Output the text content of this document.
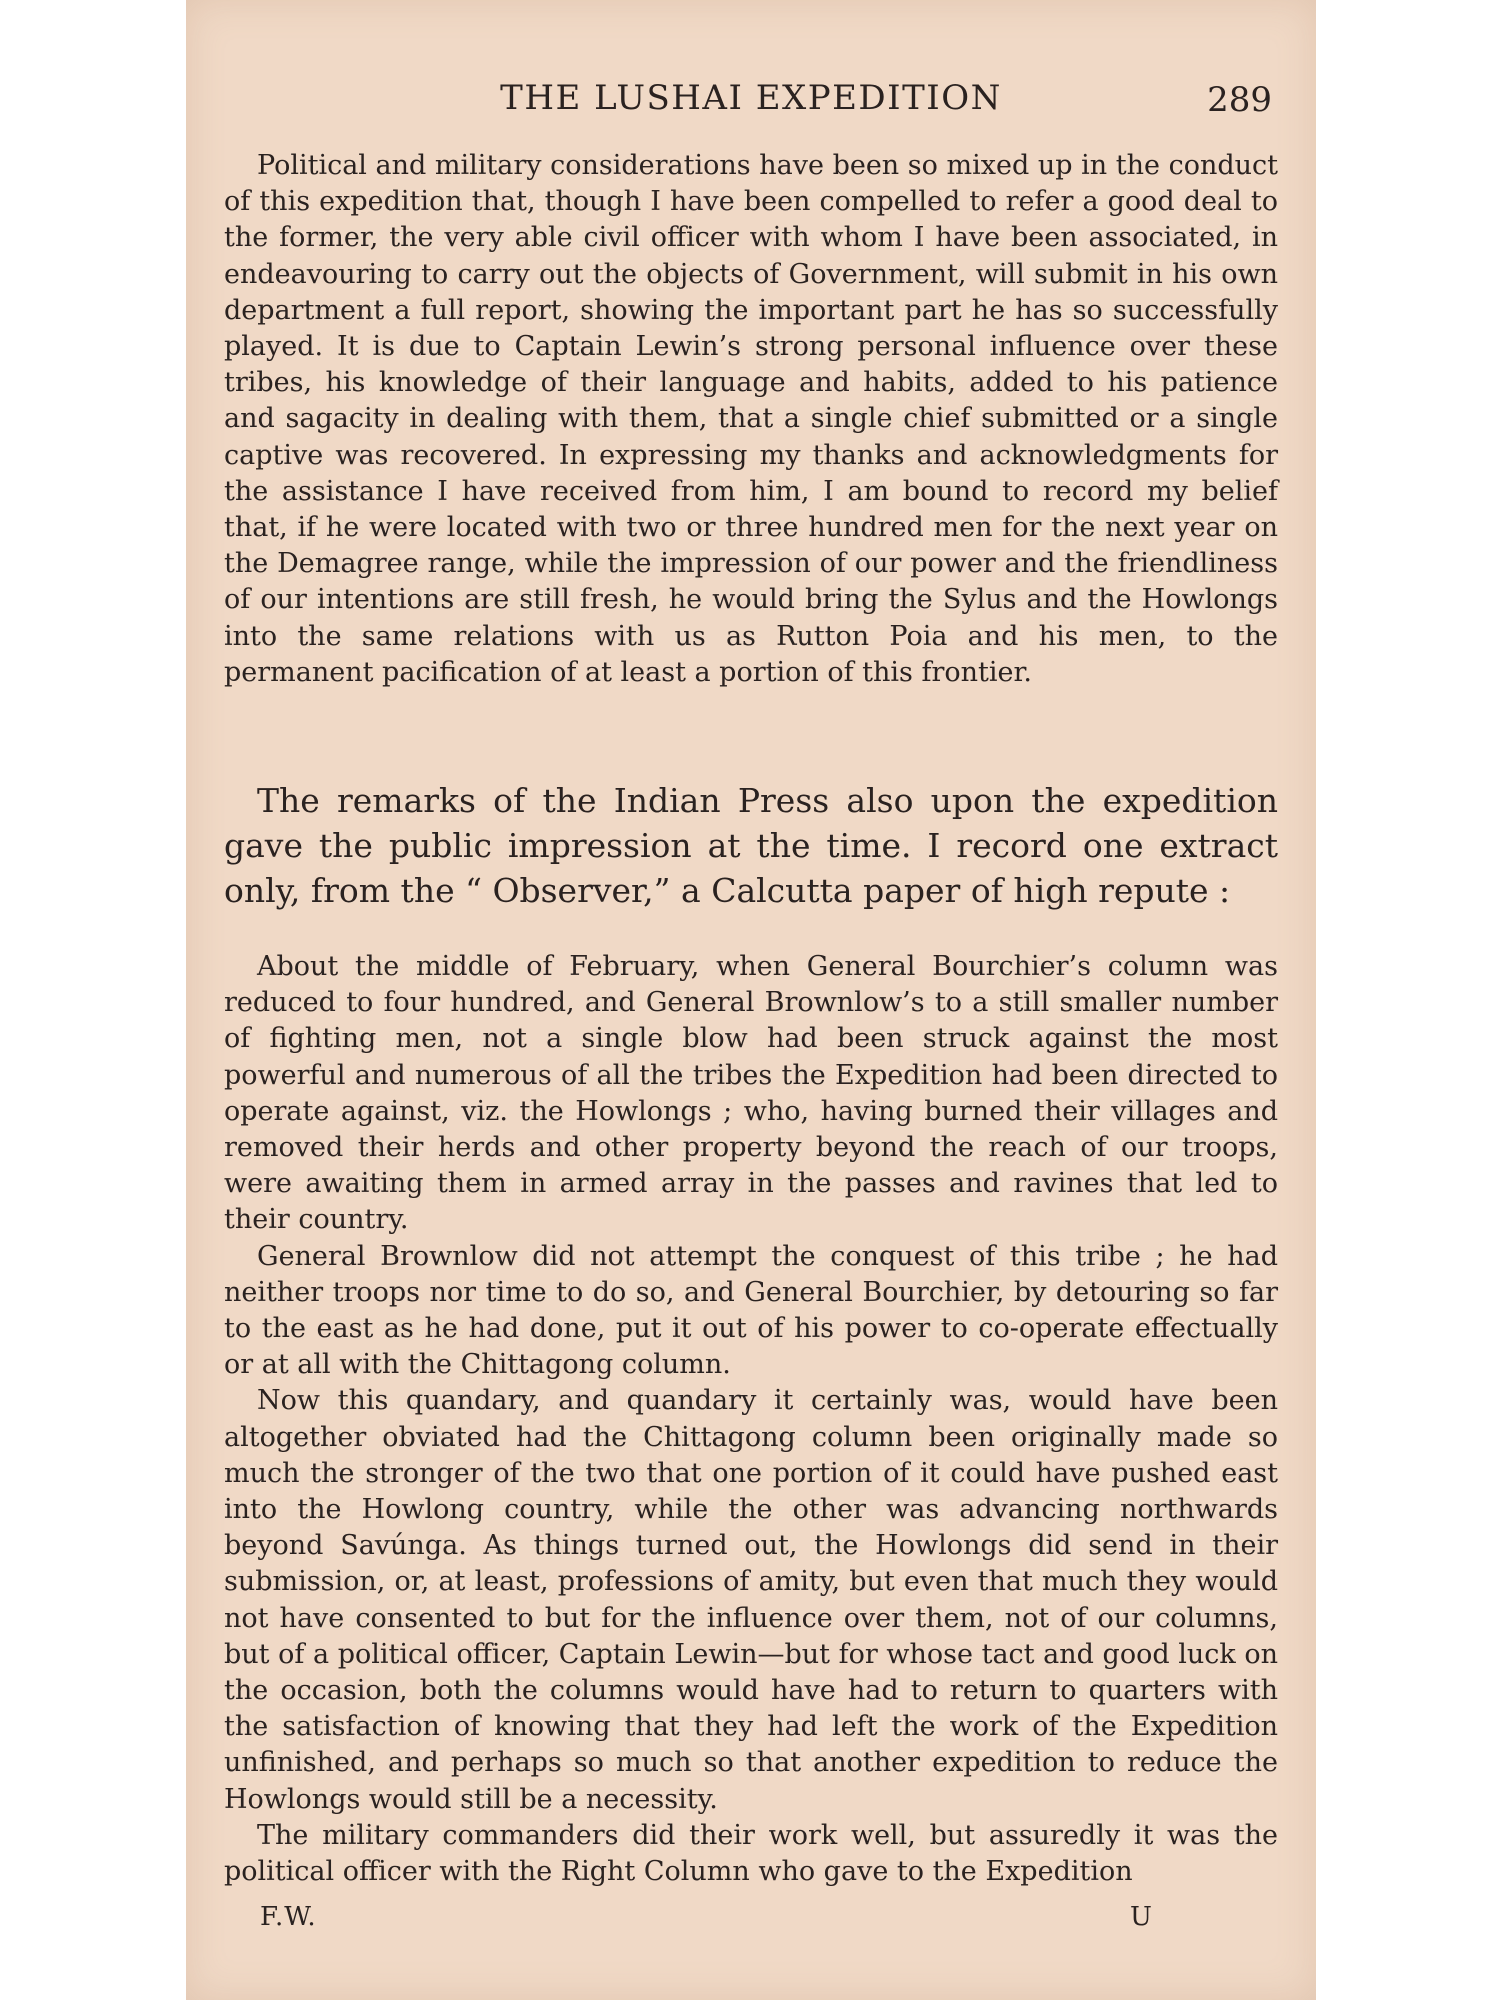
THE LUSHAI EXPEDITION	289

Political and military considerations have been so mixed up in the conduct of this expedition that, though I have been compelled to refer a good deal to the former, the very able civil officer with whom I have been associated, in endeavouring to carry out the objects of Government, will submit in his own department a full report, showing the important part he has so successfully played. It is due to Captain Lewin’s strong personal influence over these tribes, his knowledge of their language and habits, added to his patience and sagacity in dealing with them, that a single chief submitted or a single captive was recovered. In expressing my thanks and acknowledgments for the assistance I have received from him, I am bound to record my belief that, if he were located with two or three hundred men for the next year on the Demagree range, while the impression of our power and the friendliness of our intentions are still fresh, he would bring the Sylus and the Howlongs into the same relations with us as Rutton Poia and his men, to the permanent pacification of at least a portion of this frontier.

The remarks of the Indian Press also upon the expedition gave the public impression at the time. I record one extract only, from the “ Observer,” a Calcutta paper of high repute :

About the middle of February, when General Bourchier’s column was reduced to four hundred, and General Brownlow’s to a still smaller number of fighting men, not a single blow had been struck against the most powerful and numerous of all the tribes the Expedition had been directed to operate against, viz. the Howlongs ; who, having burned their villages and removed their herds and other property beyond the reach of our troops, were awaiting them in armed array in the passes and ravines that led to their country.

General Brownlow did not attempt the conquest of this tribe ; he had neither troops nor time to do so, and General Bourchier, by detouring so far to the east as he had done, put it out of his power to co-operate effectually or at all with the Chittagong column.

Now this quandary, and quandary it certainly was, would have been altogether obviated had the Chittagong column been originally made so much the stronger of the two that one portion of it could have pushed east into the Howlong country, while the other was advancing northwards beyond Savúnga. As things turned out, the Howlongs did send in their submission, or, at least, professions of amity, but even that much they would not have consented to but for the influence over them, not of our columns, but of a political officer, Captain Lewin—but for whose tact and good luck on the occasion, both the columns would have had to return to quarters with the satisfaction of knowing that they had left the work of the Expedition unfinished, and perhaps so much so that another expedition to reduce the Howlongs would still be a necessity.

The military commanders did their work well, but assuredly it was the political officer with the Right Column who gave to the Expedition

F.W.	U
